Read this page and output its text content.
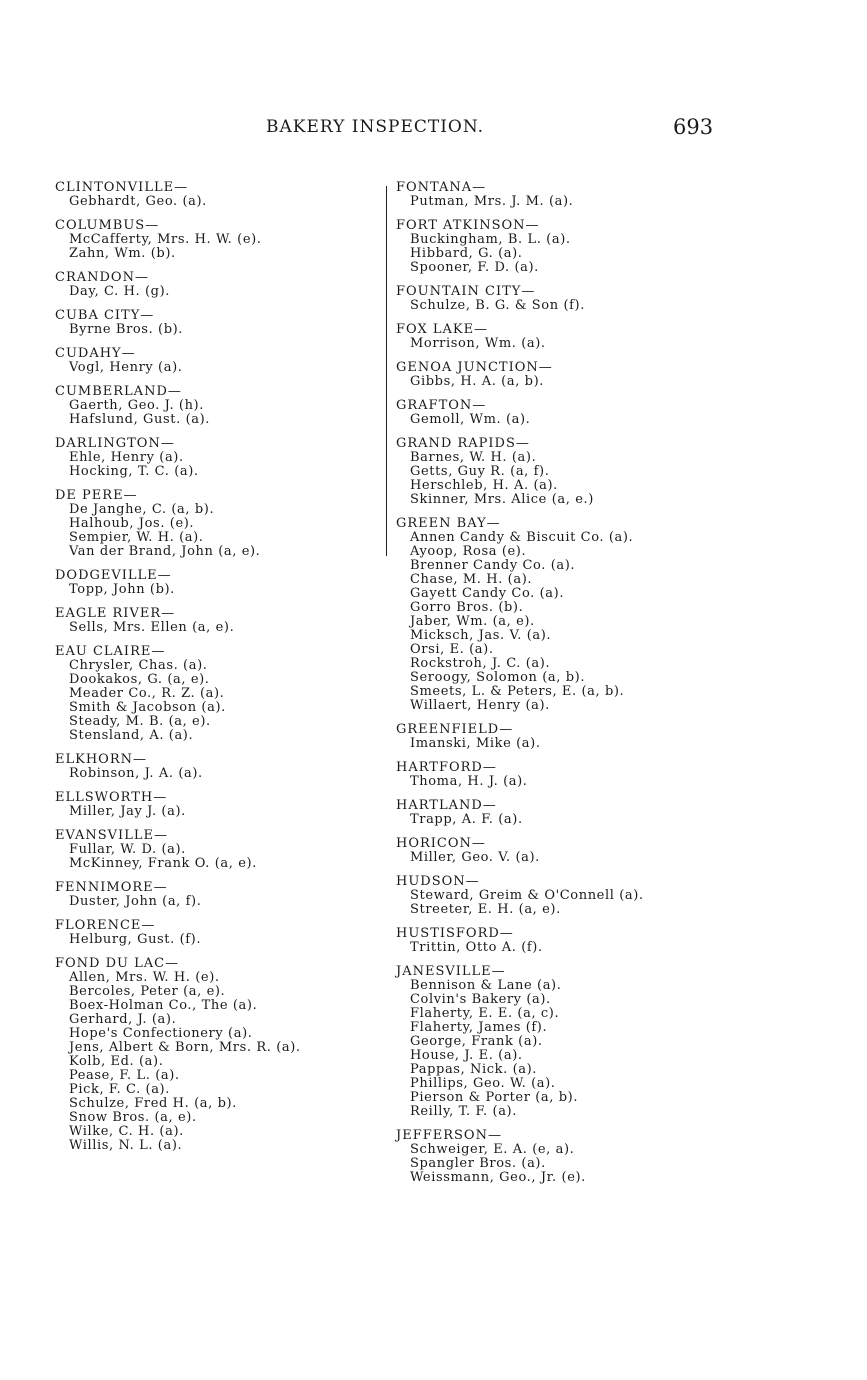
BAKERY INSPECTION.	693
CLINTONVILLE—
Gebhardt, Geo. (a).
COLUMBUS—
McCafferty, Mrs. H. W. (e).
Zahn, Wm. (b).
CRANDON—
Day, C. H. (g).
CUBA CITY—
Byrne Bros. (b).
CUDAHY—
Vogl, Henry (a).
CUMBERLAND—
Gaerth, Geo. J. (h).
Hafslund, Gust. (a).
DARLINGTON—
Ehle, Henry (a).
Hocking, T. C. (a).
DE PERE—
De Janghe, C. (a, b).
Halhoub, Jos. (e).
Sempier, W. H. (a).
Van der Brand, John (a, e).
DODGEVILLE—
Topp, John (b).
EAGLE RIVER—
Sells, Mrs. Ellen (a, e).
EAU CLAIRE—
Chrysler, Chas. (a).
Dookakos, G. (a, e).
Meader Co., R. Z. (a).
Smith & Jacobson (a).
Steady, M. B. (a, e).
Stensland, A. (a).
ELKHORN—
Robinson, J. A. (a).
ELLSWORTH—
Miller, Jay J. (a).
EVANSVILLE—
Fullar, W. D. (a).
McKinney, Frank O. (a, e).
FENNIMORE—
Duster, John (a, f).
FLORENCE—
Helburg, Gust. (f).
FOND DU LAC—
Allen, Mrs. W. H. (e).
Bercoles, Peter (a, e).
Boex-Holman Co., The (a).
Gerhard, J. (a).
Hope's Confectionery (a).
Jens, Albert & Born, Mrs. R. (a).
Kolb, Ed. (a).
Pease, F. L. (a).
Pick, F. C. (a).
Schulze, Fred H. (a, b).
Snow Bros. (a, e).
Wilke, C. H. (a).
Willis, N. L. (a).
FONTANA—
Putman, Mrs. J. M. (a).
FORT ATKINSON—
Buckingham, B. L. (a).
Hibbard, G. (a).
Spooner, F. D. (a).
FOUNTAIN CITY—
Schulze, B. G. & Son (f).
FOX LAKE—
Morrison, Wm. (a).
GENOA JUNCTION—
Gibbs, H. A. (a, b).
GRAFTON—
Gemoll, Wm. (a).
GRAND RAPIDS—
Barnes, W. H. (a).
Getts, Guy R. (a, f).
Herschleb, H. A. (a).
Skinner, Mrs. Alice (a, e.)
GREEN BAY—
Annen Candy & Biscuit Co. (a).
Ayoop, Rosa (e).
Brenner Candy Co. (a).
Chase, M. H. (a).
Gayett Candy Co. (a).
Gorro Bros. (b).
Jaber, Wm. (a, e).
Micksch, Jas. V. (a).
Orsi, E. (a).
Rockstroh, J. C. (a).
Seroogy, Solomon (a, b).
Smeets, L. & Peters, E. (a, b).
Willaert, Henry (a).
GREENFIELD—
Imanski, Mike (a).
HARTFORD—
Thoma, H. J. (a).
HARTLAND—
Trapp, A. F. (a).
HORICON—
Miller, Geo. V. (a).
HUDSON—
Steward, Greim & O'Connell (a).
Streeter, E. H. (a, e).
HUSTISFORD—
Trittin, Otto A. (f).
JANESVILLE—
Bennison & Lane (a).
Colvin's Bakery (a).
Flaherty, E. E. (a, c).
Flaherty, James (f).
George, Frank (a).
House, J. E. (a).
Pappas, Nick. (a).
Phillips, Geo. W. (a).
Pierson & Porter (a, b).
Reilly, T. F. (a).
JEFFERSON—
Schweiger, E. A. (e, a).
Spangler Bros. (a).
Weissmann, Geo., Jr. (e).
